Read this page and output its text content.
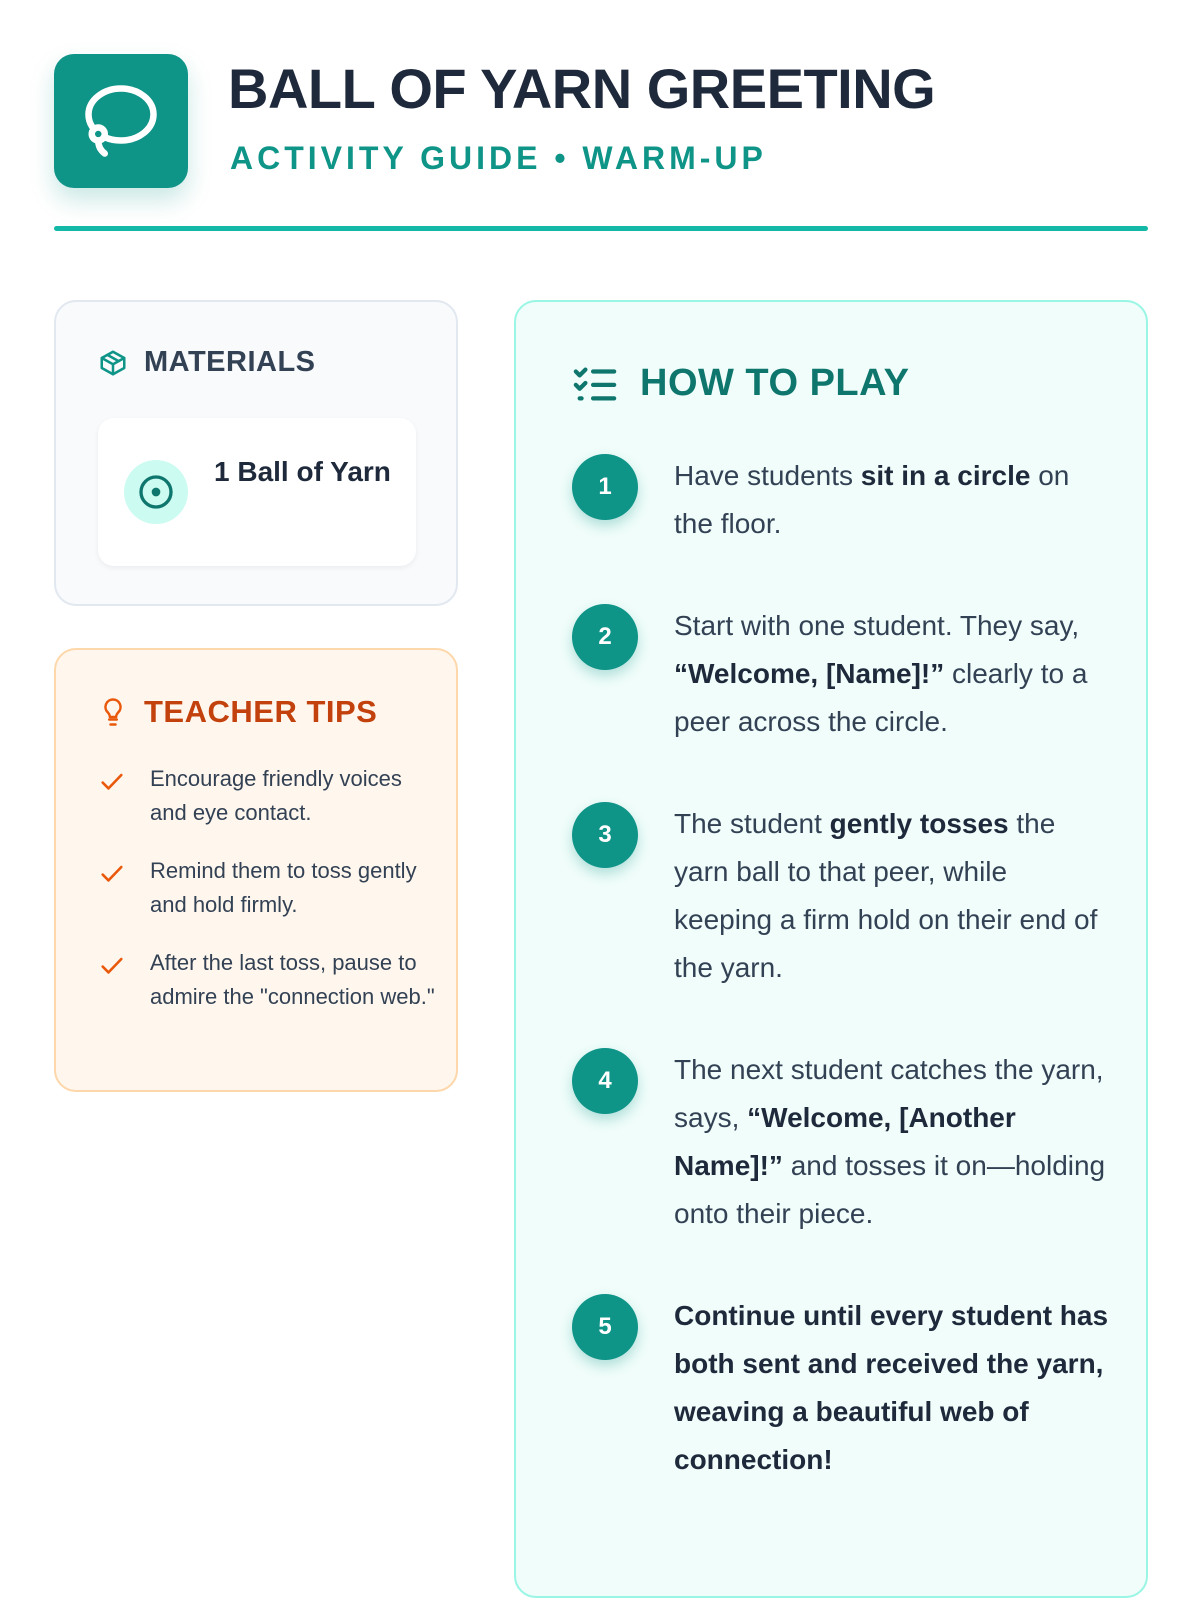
BALL OF YARN GREETING
ACTIVITY GUIDE • WARM-UP
MATERIALS
1 Ball of Yarn
TEACHER TIPS
Encourage friendly voices and eye contact.
Remind them to toss gently and hold firmly.
After the last toss, pause to admire the "connection web."
HOW TO PLAY
1	Have students sit in a circle on the floor.
2	Start with one student. They say, “Welcome, [Name]!” clearly to a peer across the circle.
3	The student gently tosses the yarn ball to that peer, while keeping a firm hold on their end of the yarn.
4	The next student catches the yarn, says, “Welcome, [Another Name]!” and tosses it on—holding onto their piece.
5	Continue until every student has both sent and received the yarn, weaving a beautiful web of connection!
